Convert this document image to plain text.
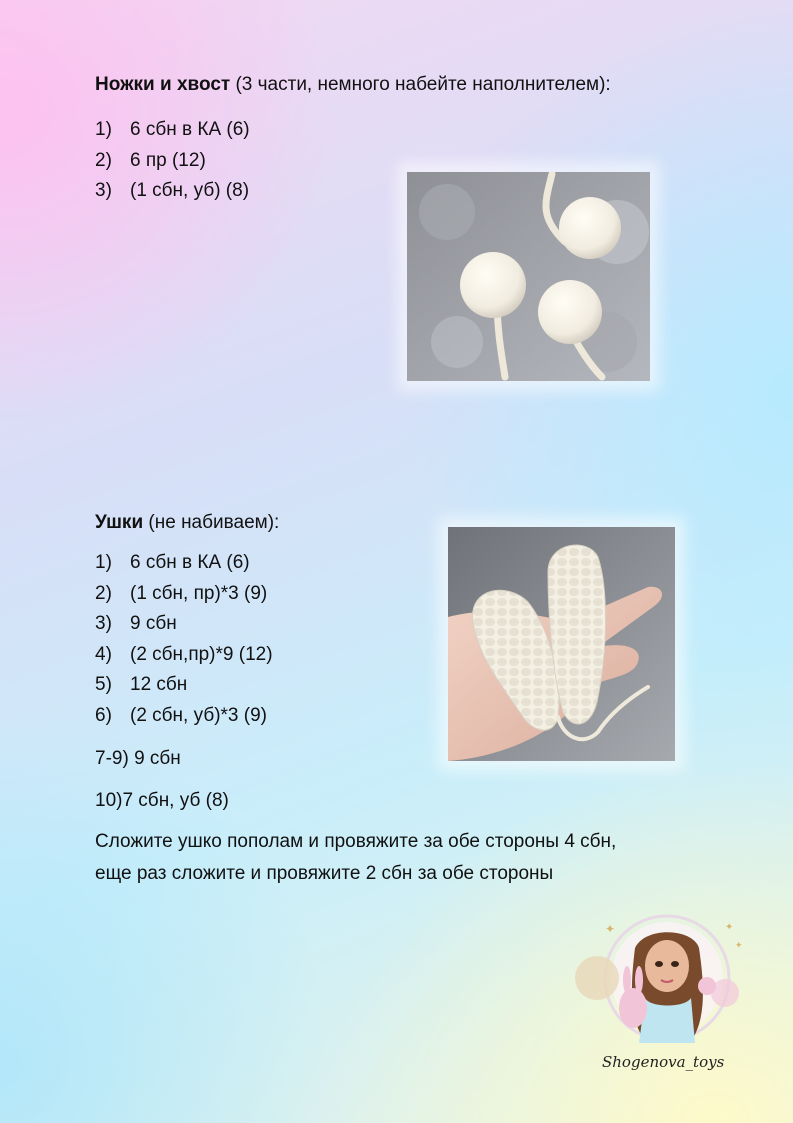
Ножки и хвост (3 части, немного набейте наполнителем):
1) 6 сбн в КА (6)
2) 6 пр (12)
3) (1 сбн, уб) (8)
Ушки (не набиваем):
1) 6 сбн в КА (6)
2) (1 сбн, пр)*3 (9)
3) 9 сбн
4) (2 сбн,пр)*9 (12)
5) 12 сбн
6) (2 сбн, уб)*3 (9)
7-9) 9 сбн
10)7 сбн, уб (8)
Сложите ушко пополам и провяжите за обе стороны 4 сбн,
еще раз сложите и провяжите 2 сбн за обе стороны
✦	✦
✦
Shogenova_toys
